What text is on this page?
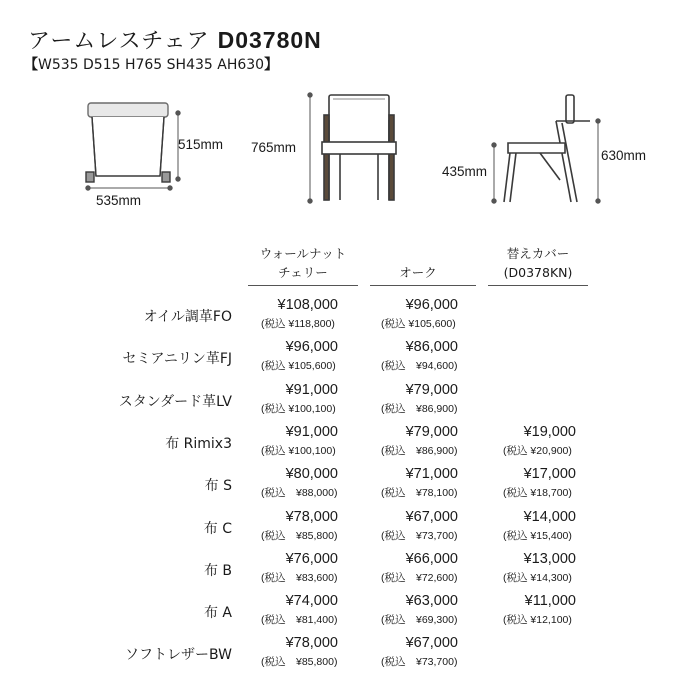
アームレスチェア D03780N
【W535 D515 H765 SH435 AH630】
515mm
535mm
765mm
435mm
630mm
ウォールナット
チェリー	オーク
替えカバー
(D0378KN)
オイル調革FO
¥108,000
(税込 ¥118,800)
¥96,000
(税込 ¥105,600)
セミアニリン革FJ
¥96,000
(税込 ¥105,600)
¥86,000
(税込　¥94,600)
スタンダード革LV
¥91,000
(税込 ¥100,100)
¥79,000
(税込　¥86,900)
布 Rimix3
¥91,000
(税込 ¥100,100)
¥79,000
(税込　¥86,900)
¥19,000
(税込 ¥20,900)
布 S
¥80,000
(税込　¥88,000)
¥71,000
(税込　¥78,100)
¥17,000
(税込 ¥18,700)
布 C
¥78,000
(税込　¥85,800)
¥67,000
(税込　¥73,700)
¥14,000
(税込 ¥15,400)
布 B
¥76,000
(税込　¥83,600)
¥66,000
(税込　¥72,600)
¥13,000
(税込 ¥14,300)
布 A
¥74,000
(税込　¥81,400)
¥63,000
(税込　¥69,300)
¥11,000
(税込 ¥12,100)
ソフトレザーBW
¥78,000
(税込　¥85,800)
¥67,000
(税込　¥73,700)
